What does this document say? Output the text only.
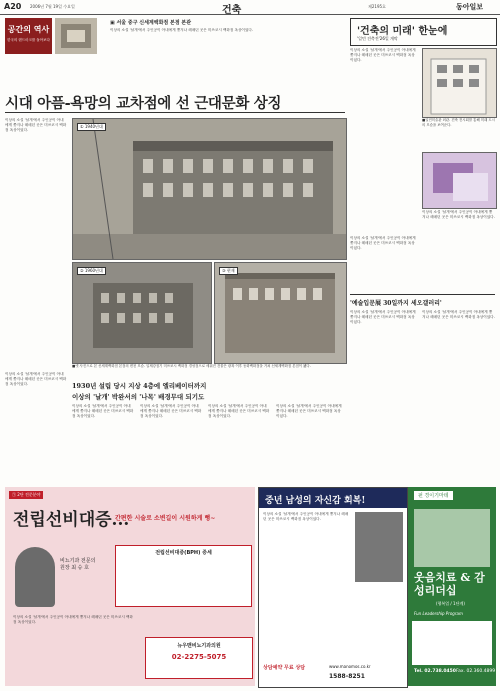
A20 2006년 7월 19일 수요일	건축	제2195호	동아일보
공간의 역사
한국의 랜드마크를 돌아보다
▣ 서울 중구 신세계백화점 본점 본관
이상의 소설 '날개'에서 주인공이 아내에게 쫓겨나 헤매던 곳은 미쓰코시 백화점 옥상이었다.
시대 아픔-욕망의 교차점에 선 근대문화 상징
이상의 소설 '날개'에서 주인공이 아내에게 쫓겨나 헤매던 곳은 미쓰코시 백화점 옥상이었다.
① 1940년대
② 1960년대	③ 현재
■옛 사진으로 본 신세계백화점 본점의 변천 모습. 일제강점기 미쓰코시 백화점 경성점으로 세워진 건물은 광복 이후 동화백화점을 거쳐 신세계백화점 본점이 됐다.
1930년 설립 당시 지상 4층에 엘리베이터까지
이상의 '날개' 박완서의 '나목' 배경무대 되기도
이상의 소설 '날개'에서 주인공이 아내에게 쫓겨나 헤매던 곳은 미쓰코시 백화점 옥상이었다.
이상의 소설 '날개'에서 주인공이 아내에게 쫓겨나 헤매던 곳은 미쓰코시 백화점 옥상이었다.
이상의 소설 '날개'에서 주인공이 아내에게 쫓겨나 헤매던 곳은 미쓰코시 백화점 옥상이었다.
이상의 소설 '날개'에서 주인공이 아내에게 쫓겨나 헤매던 곳은 미쓰코시 백화점 옥상이었다.
이상의 소설 '날개'에서 주인공이 아내에게 쫓겨나 헤매던 곳은 미쓰코시 백화점 옥상이었다.
'건축의 미래' 한눈에
'일민 건축전'26일 개막
이상의 소설 '날개'에서 주인공이 아내에게 쫓겨나 헤매던 곳은 미쓰코시 백화점 옥상이었다.
■일민미술관 외관. 건축 전시회를 통해 미래 도시의 모습을 보여준다.
이상의 소설 '날개'에서 주인공이 아내에게 쫓겨나 헤매던 곳은 미쓰코시 백화점 옥상이었다.
이상의 소설 '날개'에서 주인공이 아내에게 쫓겨나 헤매던 곳은 미쓰코시 백화점 옥상이었다.
'예술입문展 30일까지 세오갤러리'
이상의 소설 '날개'에서 주인공이 아내에게 쫓겨나 헤매던 곳은 미쓰코시 백화점 옥상이었다.
이상의 소설 '날개'에서 주인공이 아내에게 쫓겨나 헤매던 곳은 미쓰코시 백화점 옥상이었다.
㉠ 2단 전문분야
전립선비대증...
간편한 시술로 소변길이 시원하게 뻥~
비뇨기과 전문의 원장 최 승 호
전립선비대증(BPH) 증세
이상의 소설 '날개'에서 주인공이 아내에게 쫓겨나 헤매던 곳은 미쓰코시 백화점 옥상이었다.
뉴우맨비뇨기과의원
02-2275-5075
중년 남성의 자신감 회복!
이상의 소설 '날개'에서 주인공이 아내에게 쫓겨나 헤매던 곳은 미쓰코시 백화점 옥상이었다.
상담예약 무료 상담	www.manomos.co.kr
1588-8251
펀 경이기마테
웃음치료 & 감성리더십
(행복업 / 1단계)
Fun Leadership Program
Tel. 02.738.0450 Fax. 02.360.4899
